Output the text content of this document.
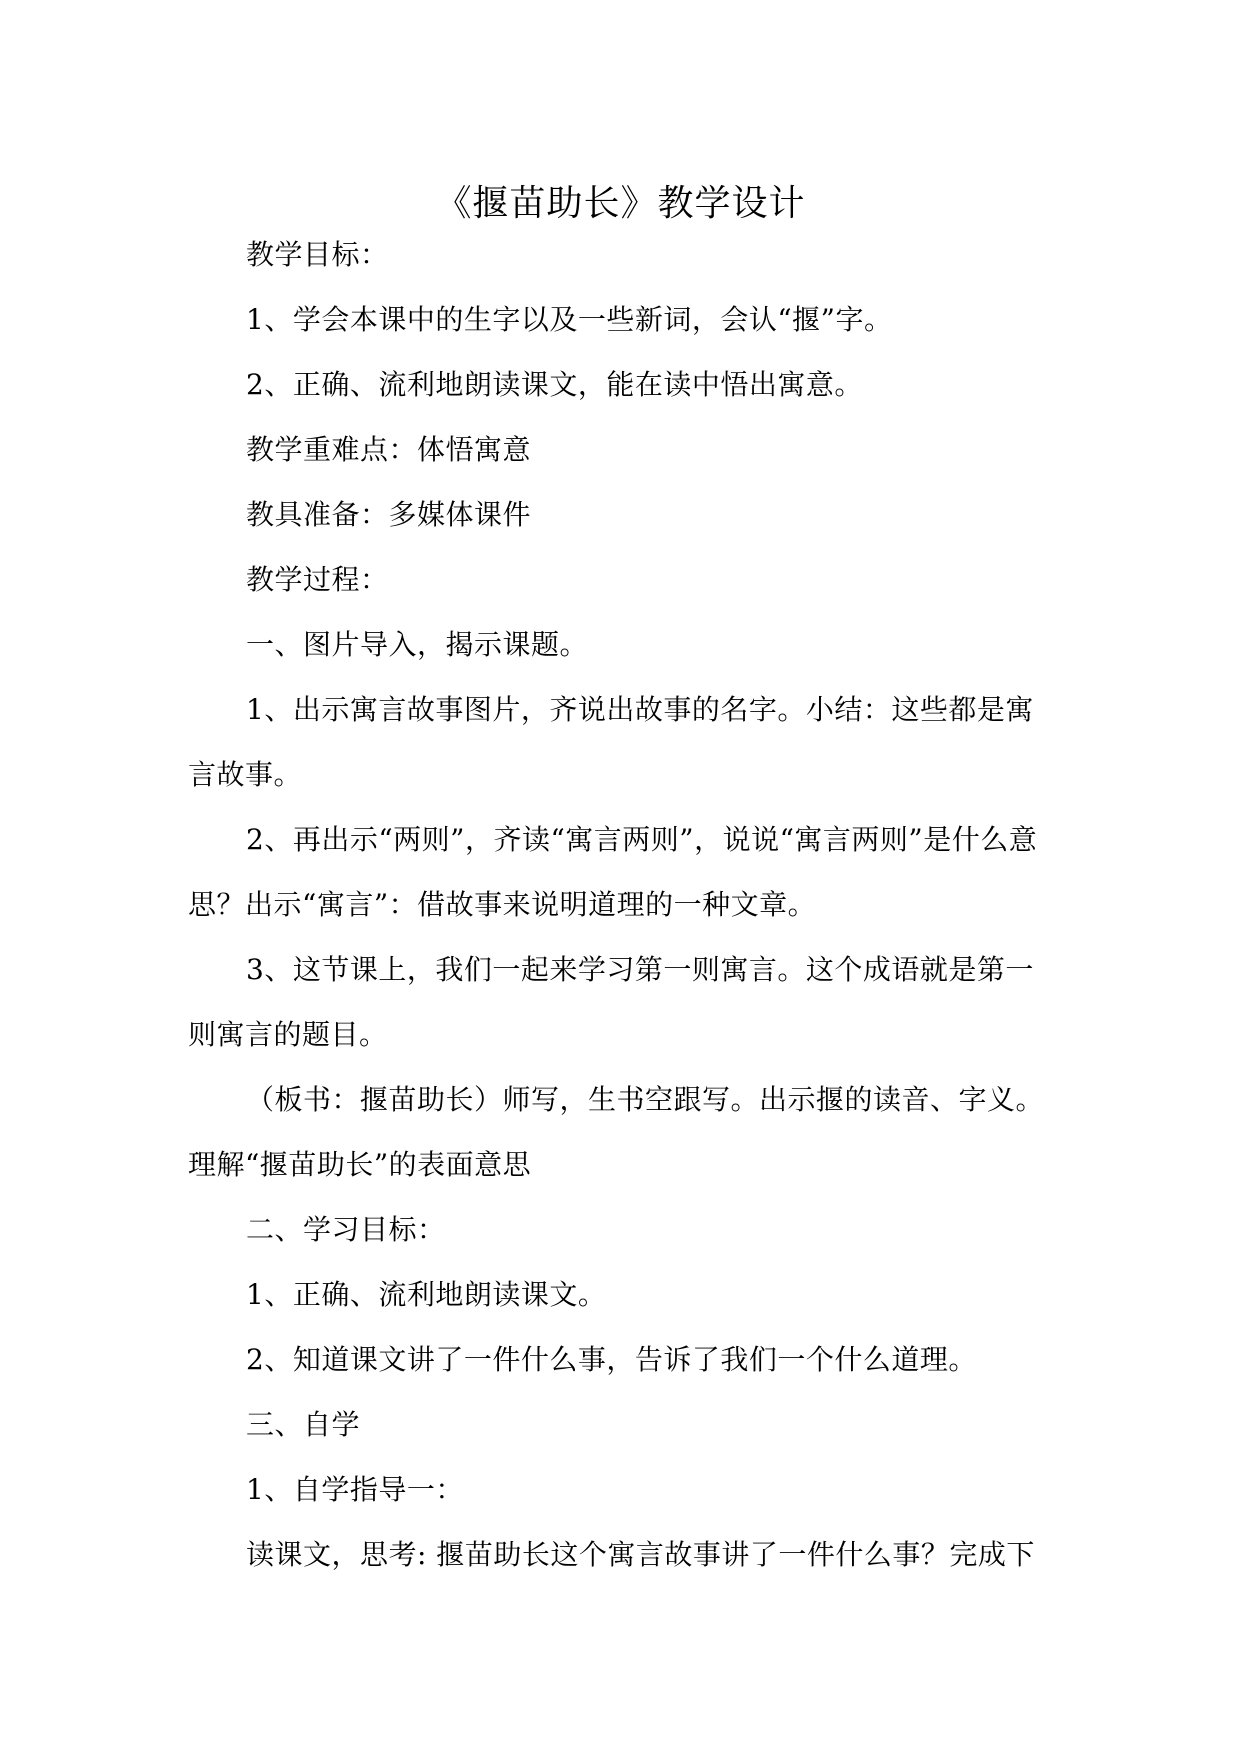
《揠苗助长》教学设计

教学目标：

1、学会本课中的生字以及一些新词，会认“揠”字。

2、正确、流利地朗读课文，能在读中悟出寓意。

教学重难点：体悟寓意

教具准备：多媒体课件

教学过程：

一、图片导入，揭示课题。

1、出示寓言故事图片，齐说出故事的名字。小结：这些都是寓言故事。

2、再出示“两则”，齐读“寓言两则”，说说“寓言两则”是什么意思？出示“寓言”：借故事来说明道理的一种文章。

3、这节课上，我们一起来学习第一则寓言。这个成语就是第一则寓言的题目。

（板书：揠苗助长）师写，生书空跟写。出示揠的读音、字义。理解“揠苗助长”的表面意思

二、学习目标：

1、正确、流利地朗读课文。

2、知道课文讲了一件什么事，告诉了我们一个什么道理。

三、自学

1、自学指导一：

读课文，思考: 揠苗助长这个寓言故事讲了一件什么事？完成下
